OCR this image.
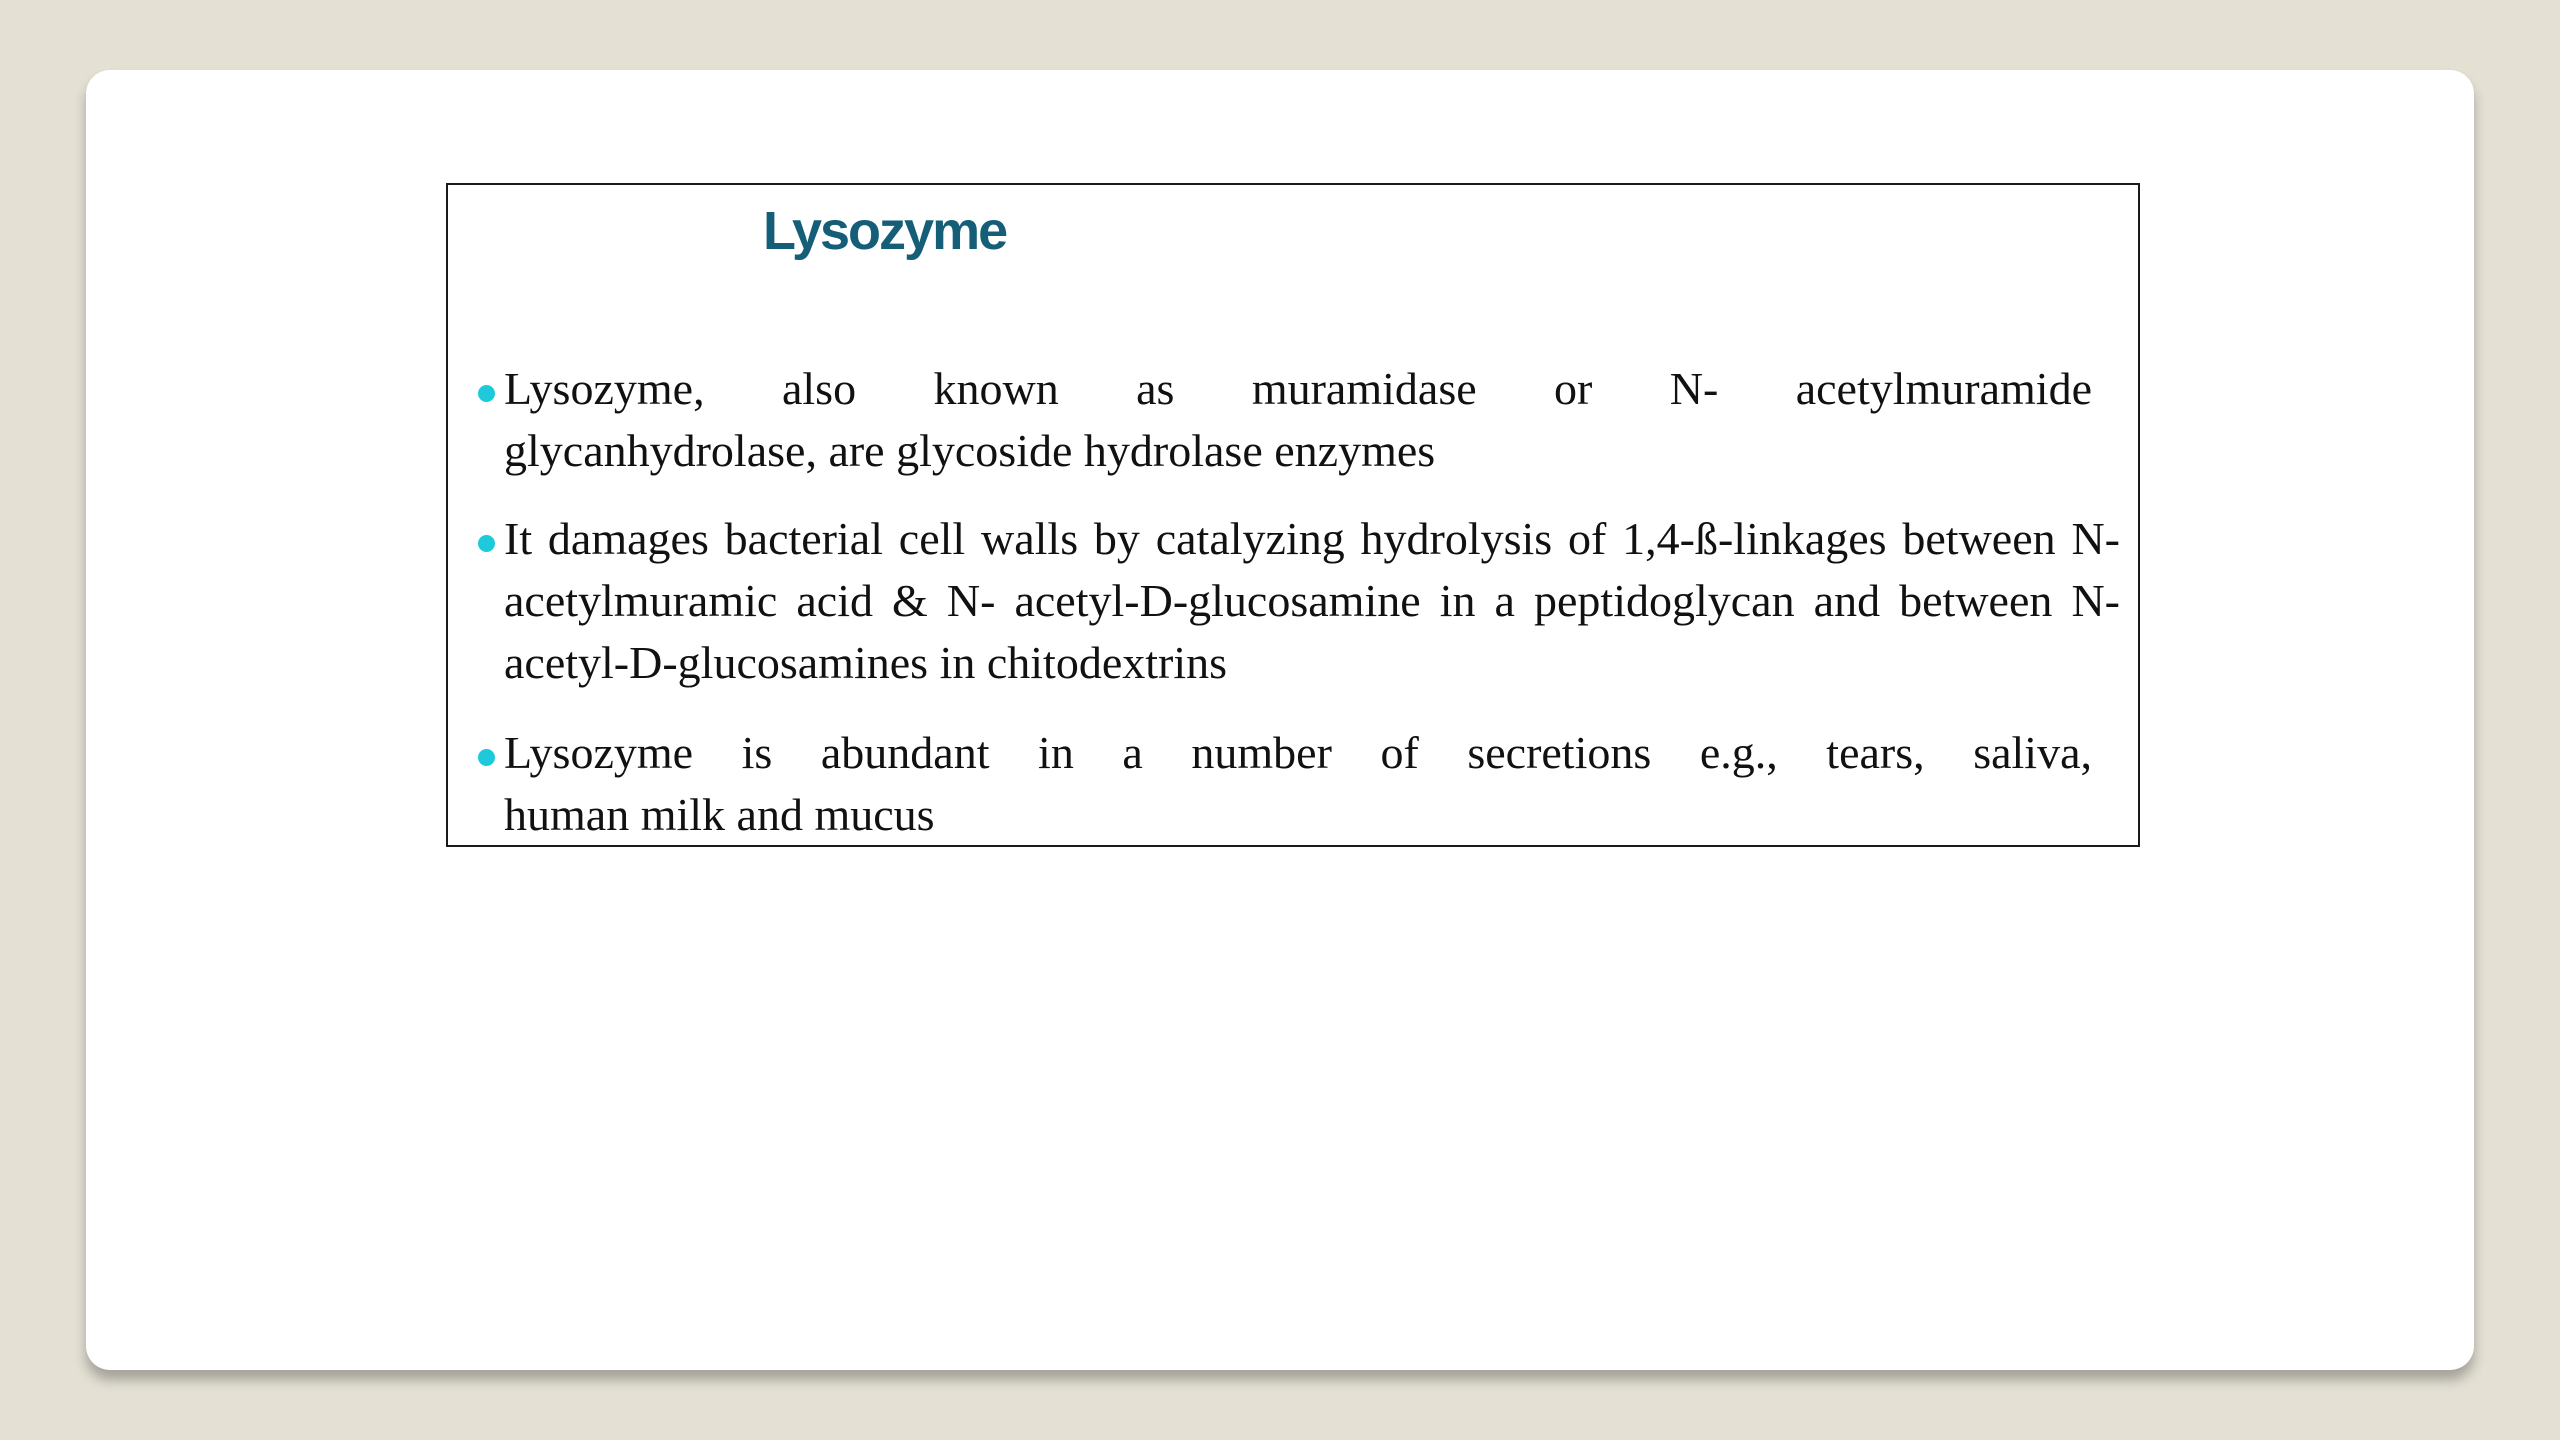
Lysozyme
Lysozyme, also known as muramidase or N- acetylmuramide
glycanhydrolase, are glycoside hydrolase enzymes
It damages bacterial cell walls by catalyzing hydrolysis of 1,4-ß-linkages between N- acetylmuramic acid & N- acetyl-D-glucosamine in a peptidoglycan and between N-acetyl-D-glucosamines in chitodextrins
Lysozyme is abundant in a number of secretions e.g., tears, saliva,
human milk and mucus
